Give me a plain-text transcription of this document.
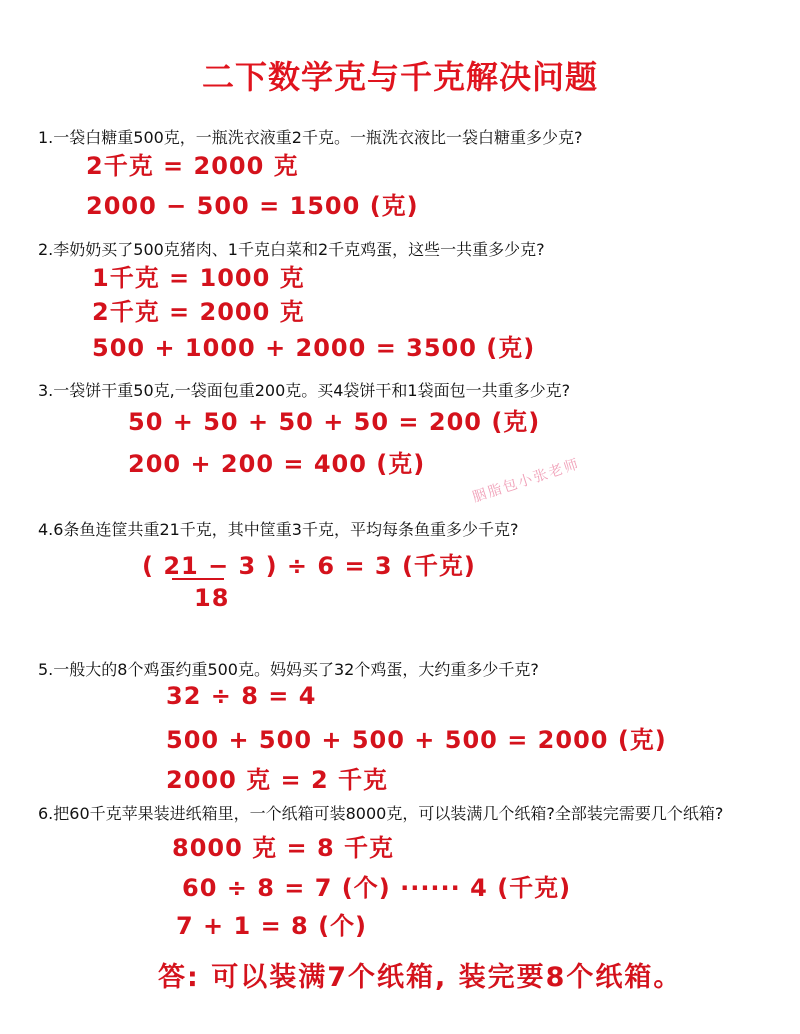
二下数学克与千克解决问题
1.一袋白糖重500克，一瓶洗衣液重2千克。一瓶洗衣液比一袋白糖重多少克?
2千克 = 2000 克
2000 − 500 = 1500 (克)
2.李奶奶买了500克猪肉、1千克白菜和2千克鸡蛋，这些一共重多少克?
1千克 = 1000 克
2千克 = 2000 克
500 + 1000 + 2000 = 3500 (克)
3.一袋饼干重50克,一袋面包重200克。买4袋饼干和1袋面包一共重多少克?
50 + 50 + 50 + 50 = 200 (克)
200 + 200 = 400 (克)	胭脂包小张老师
4.6条鱼连筐共重21千克，其中筐重3千克，平均每条鱼重多少千克?
( 21 − 3 ) ÷ 6 = 3 (千克)
18
5.一般大的8个鸡蛋约重500克。妈妈买了32个鸡蛋，大约重多少千克?
32 ÷ 8 = 4
500 + 500 + 500 + 500 = 2000 (克)
2000 克 = 2 千克
6.把60千克苹果装进纸箱里，一个纸箱可装8000克，可以装满几个纸箱?全部装完需要几个纸箱?
8000 克 = 8 千克
60 ÷ 8 = 7 (个) ······ 4 (千克)
7 + 1 = 8 (个)
答: 可以装满7个纸箱, 装完要8个纸箱。
